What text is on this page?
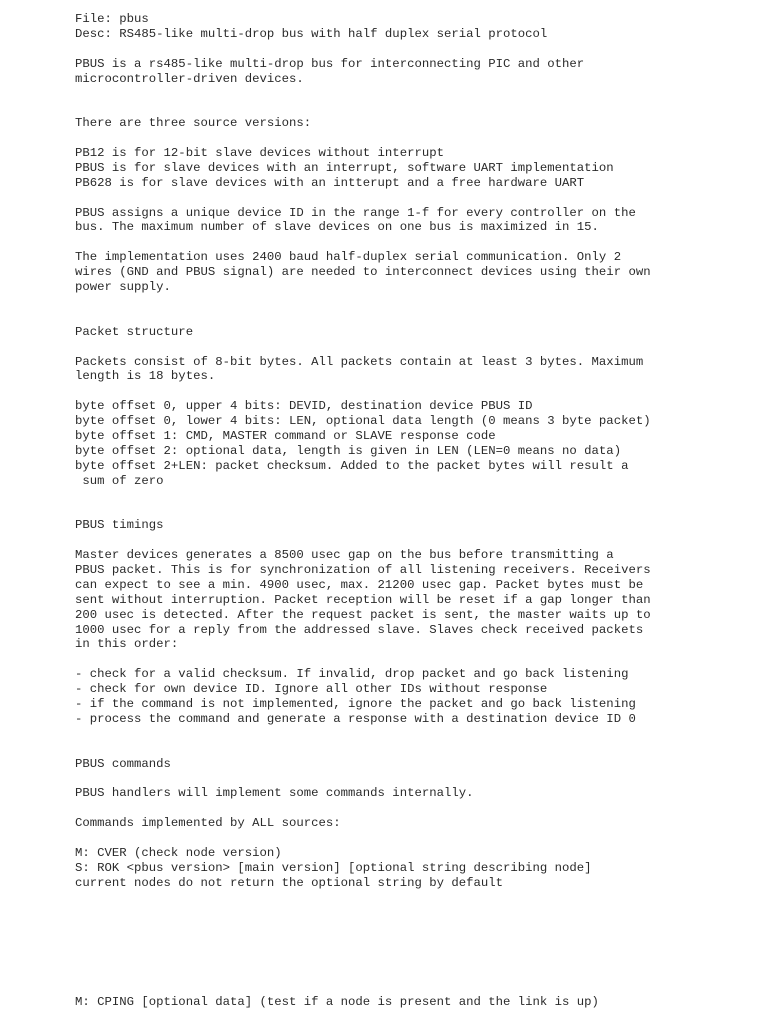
File: pbus
Desc: RS485-like multi-drop bus with half duplex serial protocol
PBUS is a rs485-like multi-drop bus for interconnecting PIC and other
microcontroller-driven devices.
There are three source versions:
PB12 is for 12-bit slave devices without interrupt
PBUS is for slave devices with an interrupt, software UART implementation
PB628 is for slave devices with an intterupt and a free hardware UART
PBUS assigns a unique device ID in the range 1-f for every controller on the
bus. The maximum number of slave devices on one bus is maximized in 15.
The implementation uses 2400 baud half-duplex serial communication. Only 2
wires (GND and PBUS signal) are needed to interconnect devices using their own
power supply.
Packet structure
Packets consist of 8-bit bytes. All packets contain at least 3 bytes. Maximum
length is 18 bytes.
byte offset 0, upper 4 bits: DEVID, destination device PBUS ID
byte offset 0, lower 4 bits: LEN, optional data length (0 means 3 byte packet)
byte offset 1: CMD, MASTER command or SLAVE response code
byte offset 2: optional data, length is given in LEN (LEN=0 means no data)
byte offset 2+LEN: packet checksum. Added to the packet bytes will result a
sum of zero
PBUS timings
Master devices generates a 8500 usec gap on the bus before transmitting a
PBUS packet. This is for synchronization of all listening receivers. Receivers
can expect to see a min. 4900 usec, max. 21200 usec gap. Packet bytes must be
sent without interruption. Packet reception will be reset if a gap longer than
200 usec is detected. After the request packet is sent, the master waits up to
1000 usec for a reply from the addressed slave. Slaves check received packets
in this order:
- check for a valid checksum. If invalid, drop packet and go back listening
- check for own device ID. Ignore all other IDs without response
- if the command is not implemented, ignore the packet and go back listening
- process the command and generate a response with a destination device ID 0
PBUS commands
PBUS handlers will implement some commands internally.
Commands implemented by ALL sources:
M: CVER (check node version)
S: ROK <pbus version> [main version] [optional string describing node]
current nodes do not return the optional string by default
M: CPING [optional data] (test if a node is present and the link is up)
